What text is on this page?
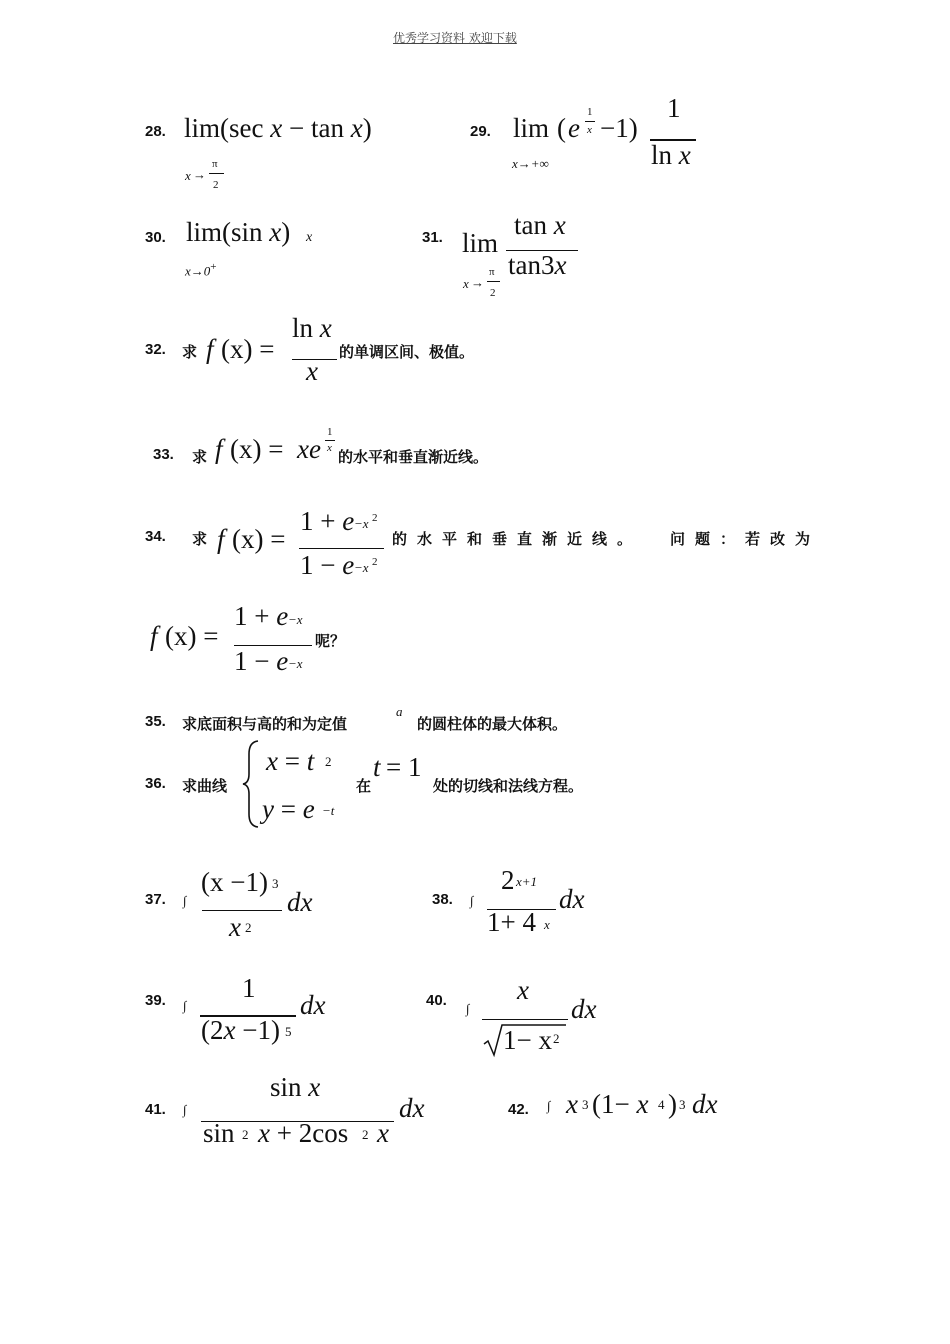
优秀学习资料 欢迎下载
28. lim(sec x − tan x)
x →
π
2
29. lim ( e
1
x −1)
1
ln x
x→+∞
30. lim(sin x) x
x→0+
31. lim
tan x
tan3x
x →
π
2
32. 求 f (x) =
ln x
x
的单调区间、极值。
33. 求 f (x) = xe
1
x 的水平和垂直渐近线。
34. 求 f (x) =
1 + e −x 2
1 − e −x 2
的水平和垂直渐近线。 问题：若改为
f (x) =
1 + e −x
1 − e −x
呢？
35. 求底面积与高的和为定值
a
的圆柱体的最大体积。
36. 求曲线
x = t 2
y = e −t
在
t = 1
处的切线和法线方程。
37. ∫
(x −1) 3
x 2
dx	38. ∫
2 x+1
1+ 4 x
dx
39. ∫
1
(2x −1) 5
dx	40. ∫
x
1− x 2
dx
41. ∫
sin x
sin 2 x + 2cos 2 x
dx	42. ∫ x 3 (1− x 4 ) 3 dx
